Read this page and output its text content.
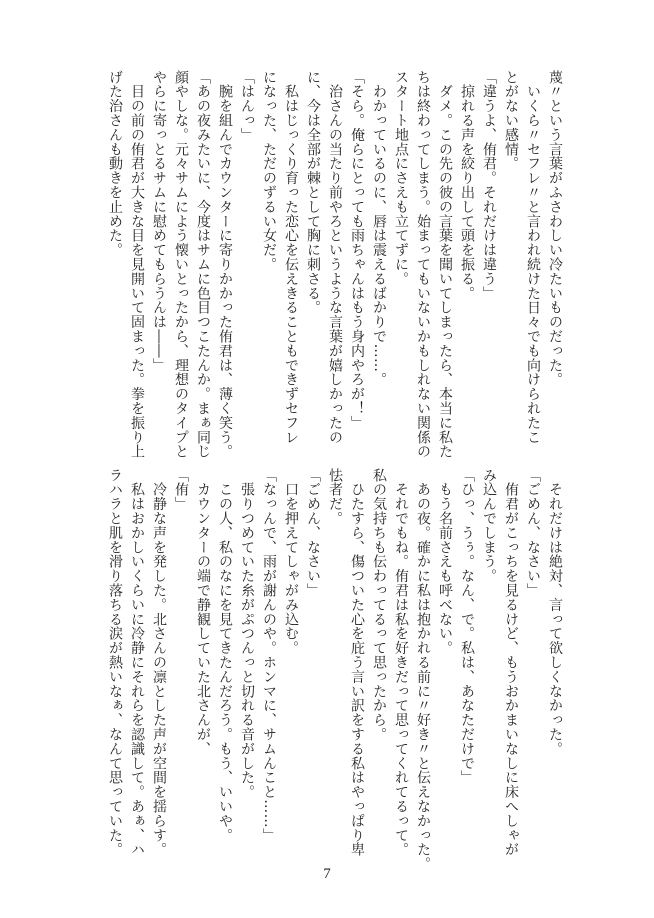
蔑〃という言葉がふさわしい冷たいものだった。
　いくら〃セフレ〃と言われ続けた日々でも向けられたこ
とがない感情。
「違うよ、侑君。それだけは違う」
　掠れる声を絞り出して頭を振る。
　ダメ。この先の彼の言葉を聞いてしまったら、本当に私た
ちは終わってしまう。始まってもいないかもしれない関係の
スタート地点にさえも立てずに。
　わかっているのに、唇は震えるばかりで……。
「そら。俺らにとっても雨ちゃんはもう身内やろが！」
　治さんの当たり前やろというような言葉が嬉しかったの
に、今は全部が棘として胸に刺さる。
　私はじっくり育った恋心を伝えきることもできずセフレ
になった、ただのずるい女だ。
「はんっ」
　腕を組んでカウンターに寄りかかった侑君は、薄く笑う。
「あの夜みたいに、今度はサムに色目つこたんか。まぁ同じ
顔やしな。元々サムによう懐いとったから、理想のタイプと
やらに寄っとるサムに慰めてもらうんは――」
　目の前の侑君が大きな目を見開いて固まった。拳を振り上
げた治さんも動きを止めた。
　それだけは絶対、言って欲しくなかった。
「ごめん、なさい」
　侑君がこっちを見るけど、もうおかまいなしに床へしゃが
み込んでしまう。
「ひっ、うぅ。なん、で。私は、あなただけで」
　もう名前さえも呼べない。
　あの夜。確かに私は抱かれる前に〃好き〃と伝えなかった。
　それでもね。侑君は私を好きだって思ってくれてるって。
私の気持ちも伝わってるって思ったから。
　ひたすら、傷ついた心を庇う言い訳をする私はやっぱり卑
怯者だ。
「ごめん、なさい」
　口を押えてしゃがみ込む。
「なっんで、雨が謝んのや。ホンマに、サムんこと……」
　張りつめていた糸がぷつんっと切れる音がした。
　この人、私のなにを見てきたんだろう。もう、いいや。
　カウンターの端で静観していた北さんが、
「侑」
　冷静な声を発した。北さんの凛とした声が空間を揺らす。
　私はおかしいくらいに冷静にそれらを認識して。あぁ、ハ
ラハラと肌を滑り落ちる涙が熱いなぁ、なんて思っていた。
7
